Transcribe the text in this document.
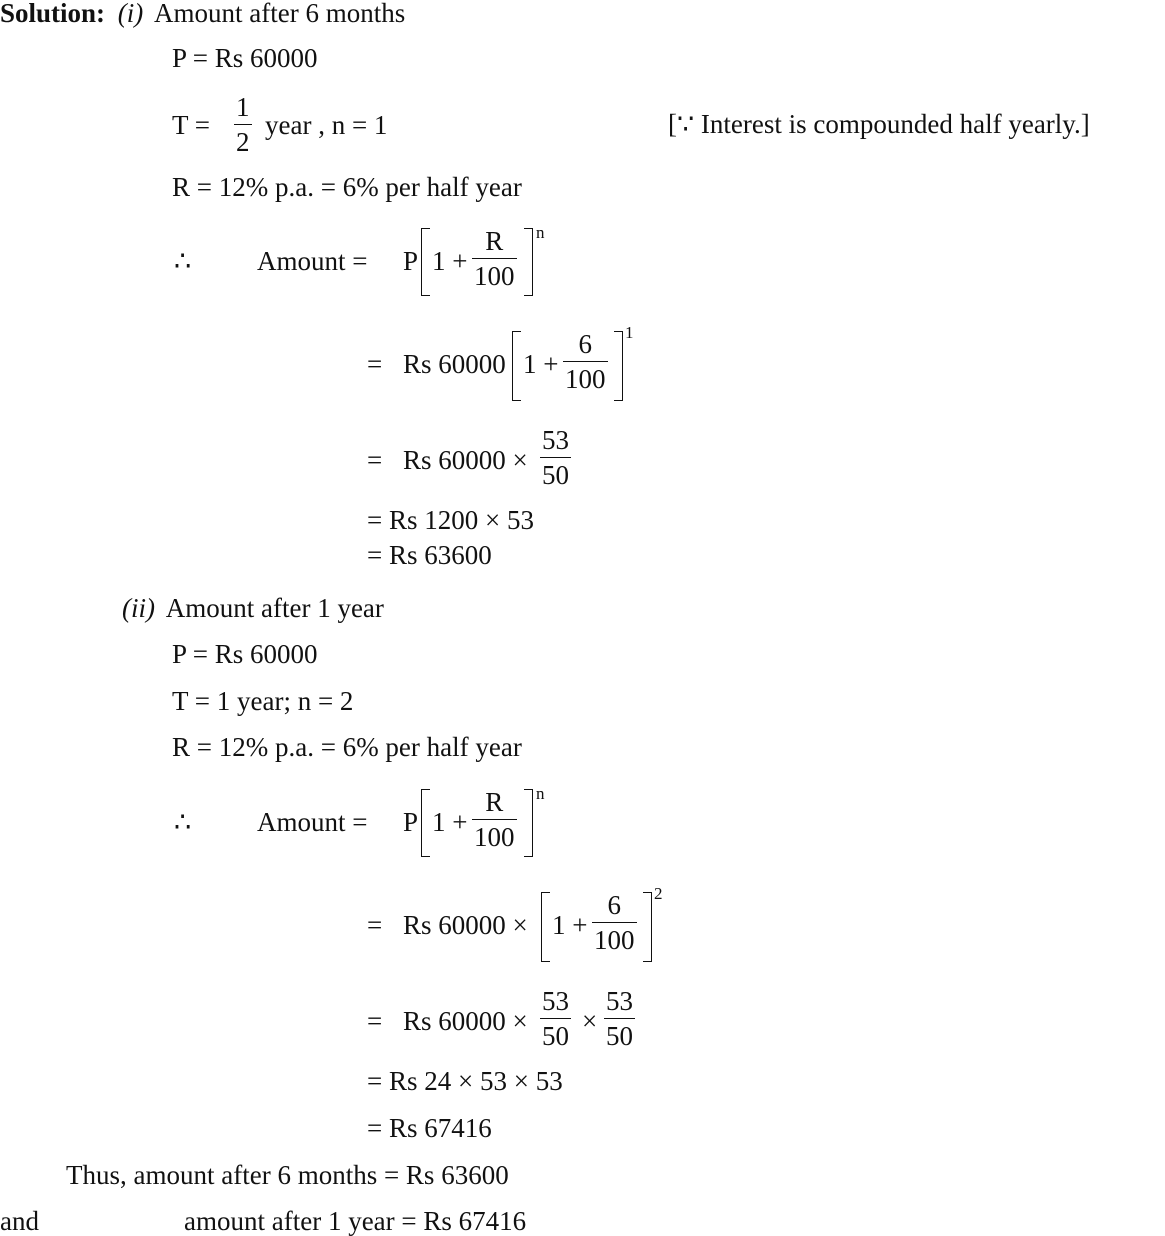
Solution: (i) Amount after 6 months
P = Rs 60000
T =
1
2
year , n = 1	[∵ Interest is compounded half yearly.]
R = 12% p.a. = 6% per half year
∴ Amount = P 1 +
R
100
n
= Rs 60000 1 +
6
100
1
= Rs 60000 ×
53
50
= Rs 1200 × 53
= Rs 63600
(ii) Amount after 1 year
P = Rs 60000
T = 1 year; n = 2
R = 12% p.a. = 6% per half year
∴ Amount = P 1 +
R
100
n
= Rs 60000 × 1 +
6
100
2
= Rs 60000 ×
53
50 ×
53
50
= Rs 24 × 53 × 53
= Rs 67416
Thus, amount after 6 months = Rs 63600
and	amount after 1 year = Rs 67416
